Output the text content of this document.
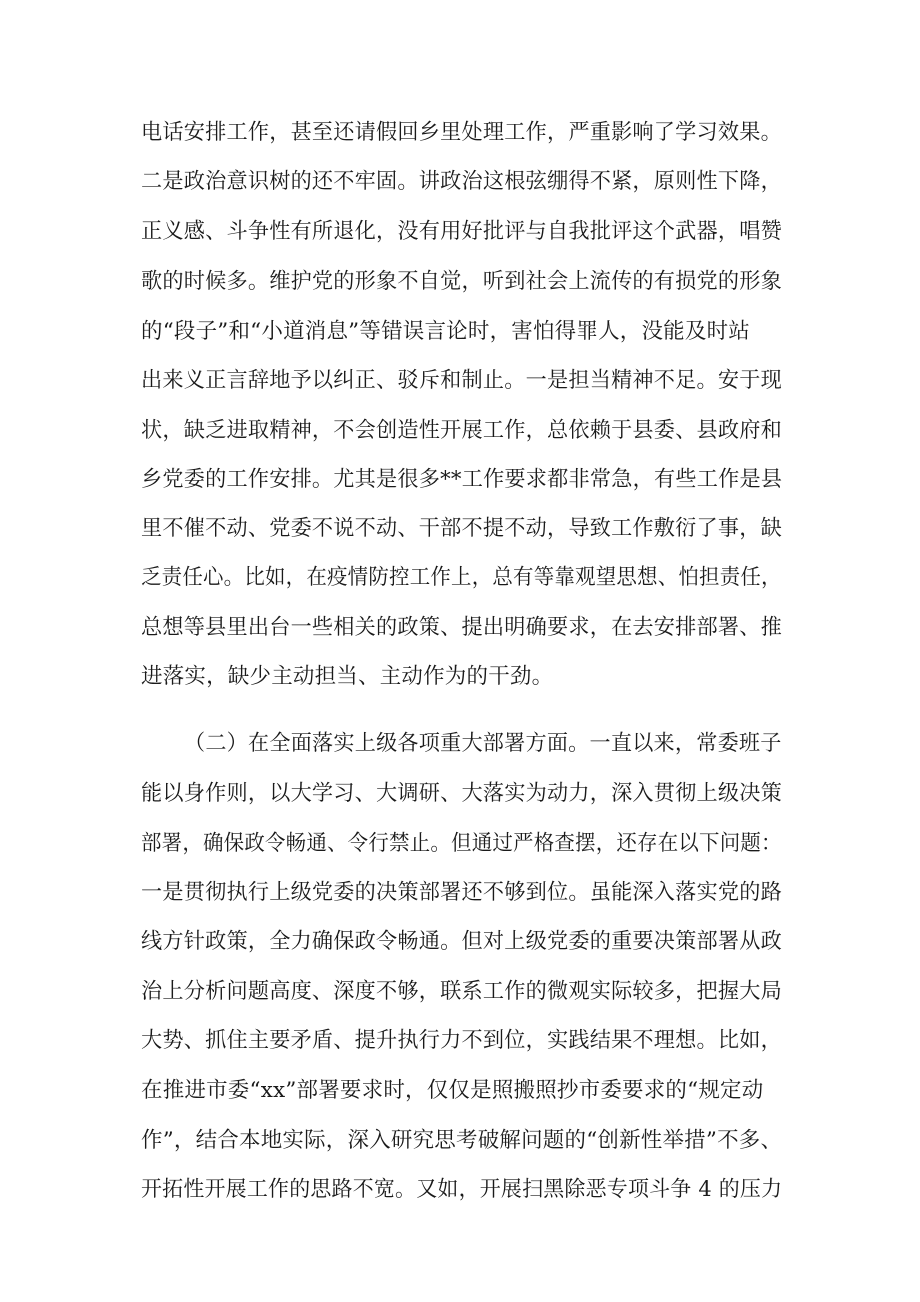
电话安排工作，甚至还请假回乡里处理工作，严重影响了学习效果。
二是政治意识树的还不牢固。讲政治这根弦绷得不紧，原则性下降，
正义感、斗争性有所退化，没有用好批评与自我批评这个武器，唱赞
歌的时候多。维护党的形象不自觉，听到社会上流传的有损党的形象
的“段子”和“小道消息”等错误言论时，害怕得罪人，没能及时站
出来义正言辞地予以纠正、驳斥和制止。一是担当精神不足。安于现
状，缺乏进取精神，不会创造性开展工作，总依赖于县委、县政府和
乡党委的工作安排。尤其是很多**工作要求都非常急，有些工作是县
里不催不动、党委不说不动、干部不提不动，导致工作敷衍了事，缺
乏责任心。比如，在疫情防控工作上，总有等靠观望思想、怕担责任，
总想等县里出台一些相关的政策、提出明确要求，在去安排部署、推
进落实，缺少主动担当、主动作为的干劲。
（二）在全面落实上级各项重大部署方面。一直以来，常委班子
能以身作则，以大学习、大调研、大落实为动力，深入贯彻上级决策
部署，确保政令畅通、令行禁止。但通过严格查摆，还存在以下问题：
一是贯彻执行上级党委的决策部署还不够到位。虽能深入落实党的路
线方针政策，全力确保政令畅通。但对上级党委的重要决策部署从政
治上分析问题高度、深度不够，联系工作的微观实际较多，把握大局
大势、抓住主要矛盾、提升执行力不到位，实践结果不理想。比如，
在推进市委“xx”部署要求时，仅仅是照搬照抄市委要求的“规定动
作”，结合本地实际，深入研究思考破解问题的“创新性举措”不多、
开拓性开展工作的思路不宽。又如，开展扫黑除恶专项斗争 4 的压力
